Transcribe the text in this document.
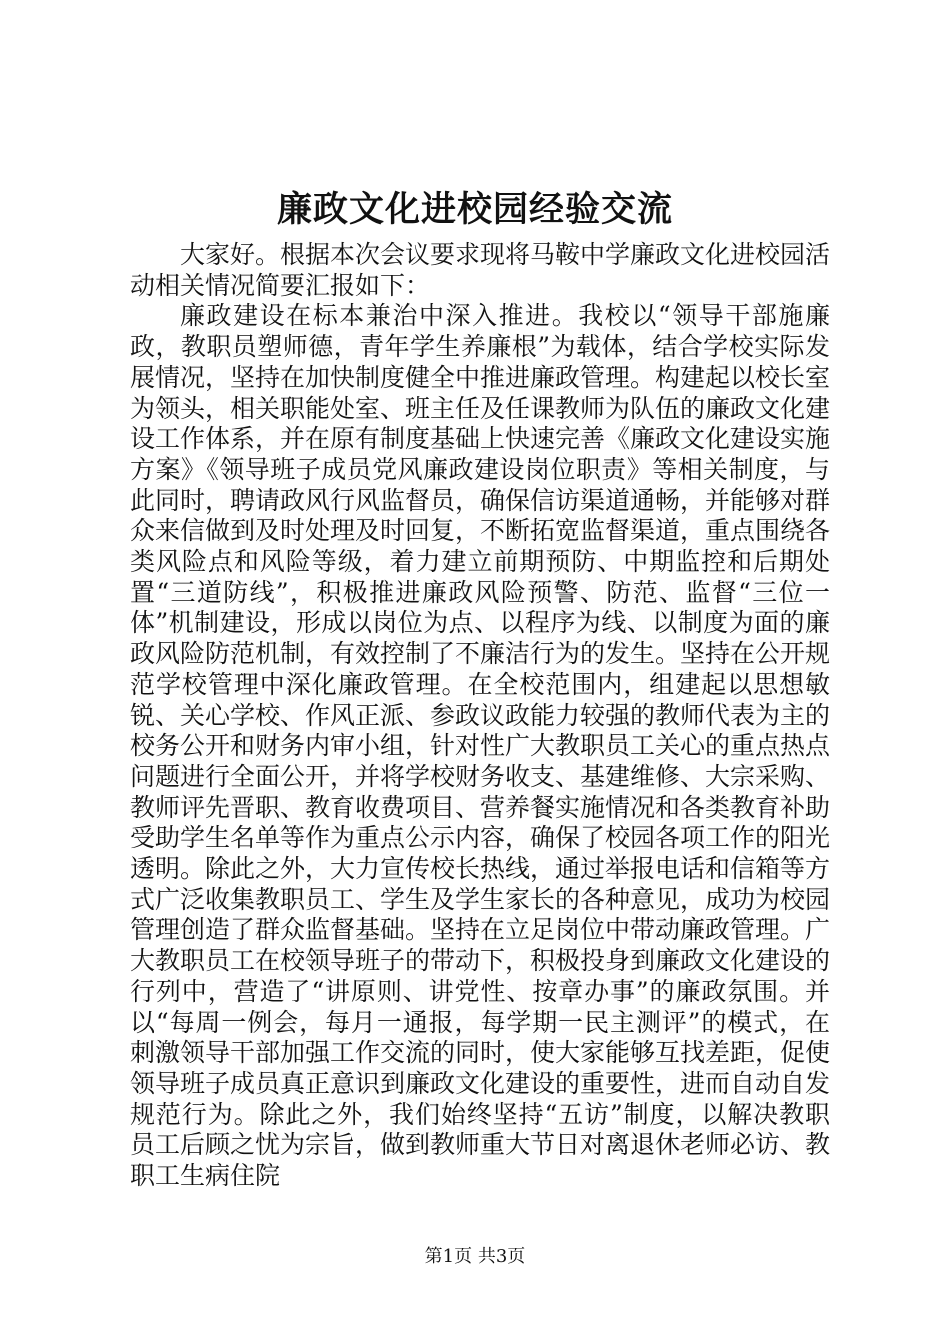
廉政文化进校园经验交流

大家好。根据本次会议要求现将马鞍中学廉政文化进校园活动相关情况简要汇报如下：

廉政建设在标本兼治中深入推进。我校以“领导干部施廉政，教职员塑师德，青年学生养廉根”为载体，结合学校实际发展情况，坚持在加快制度健全中推进廉政管理。构建起以校长室为领头，相关职能处室、班主任及任课教师为队伍的廉政文化建设工作体系，并在原有制度基础上快速完善《廉政文化建设实施方案》《领导班子成员党风廉政建设岗位职责》等相关制度，与此同时，聘请政风行风监督员，确保信访渠道通畅，并能够对群众来信做到及时处理及时回复，不断拓宽监督渠道，重点围绕各类风险点和风险等级，着力建立前期预防、中期监控和后期处置“三道防线”，积极推进廉政风险预警、防范、监督“三位一体”机制建设，形成以岗位为点、以程序为线、以制度为面的廉政风险防范机制，有效控制了不廉洁行为的发生。坚持在公开规范学校管理中深化廉政管理。在全校范围内，组建起以思想敏锐、关心学校、作风正派、参政议政能力较强的教师代表为主的校务公开和财务内审小组，针对性广大教职员工关心的重点热点问题进行全面公开，并将学校财务收支、基建维修、大宗采购、教师评先晋职、教育收费项目、营养餐实施情况和各类教育补助受助学生名单等作为重点公示内容，确保了校园各项工作的阳光透明。除此之外，大力宣传校长热线，通过举报电话和信箱等方式广泛收集教职员工、学生及学生家长的各种意见，成功为校园管理创造了群众监督基础。坚持在立足岗位中带动廉政管理。广大教职员工在校领导班子的带动下，积极投身到廉政文化建设的行列中，营造了“讲原则、讲党性、按章办事”的廉政氛围。并以“每周一例会，每月一通报，每学期一民主测评”的模式，在刺激领导干部加强工作交流的同时，使大家能够互找差距，促使领导班子成员真正意识到廉政文化建设的重要性，进而自动自发规范行为。除此之外，我们始终坚持“五访”制度，以解决教职员工后顾之忧为宗旨，做到教师重大节日对离退休老师必访、教职工生病住院

第1页 共3页
